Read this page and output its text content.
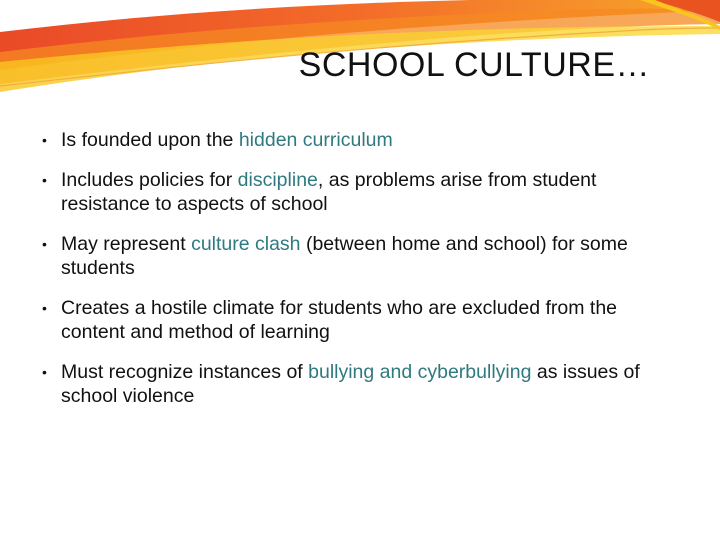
SCHOOL CULTURE…
• Is founded upon the hidden curriculum
• Includes policies for discipline, as problems arise from student resistance to aspects of school
• May represent culture clash (between home and school) for some students
• Creates a hostile climate for students who are excluded from the content and method of learning
• Must recognize instances of bullying and cyberbullying as issues of school violence
